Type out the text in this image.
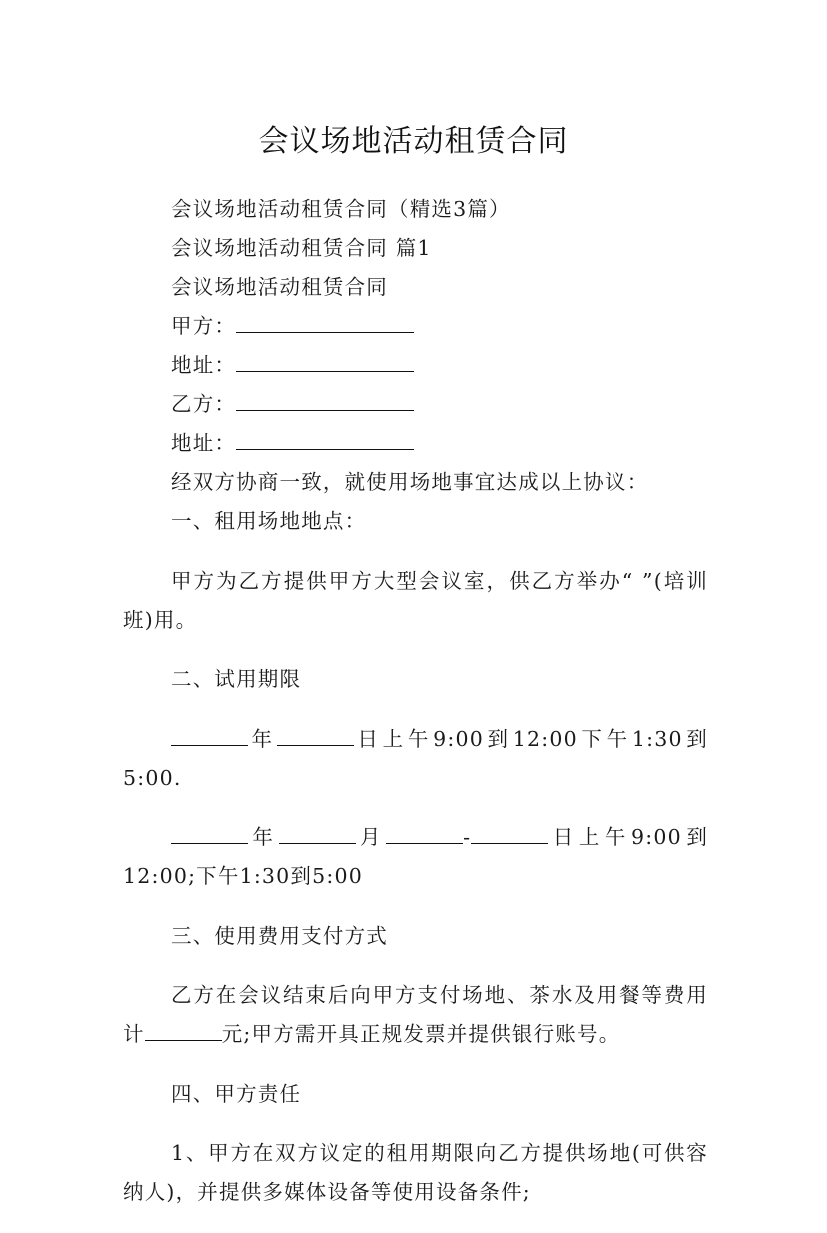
会议场地活动租赁合同

会议场地活动租赁合同（精选3篇）

会议场地活动租赁合同 篇1

会议场地活动租赁合同

甲方：

地址：

乙方：

地址：

经双方协商一致，就使用场地事宜达成以上协议：

一、租用场地地点：

甲方为乙方提供甲方大型会议室，供乙方举办“ ”(培训班)用。

二、试用期限

年	日上午9:00到12:00下午1:30到5:00.

年	月	-	日上午9:00到12:00;下午1:30到5:00

三、使用费用支付方式

乙方在会议结束后向甲方支付场地、茶水及用餐等费用计	元;甲方需开具正规发票并提供银行账号。

四、甲方责任

1、甲方在双方议定的租用期限向乙方提供场地(可供容纳人)，并提供多媒体设备等使用设备条件;
